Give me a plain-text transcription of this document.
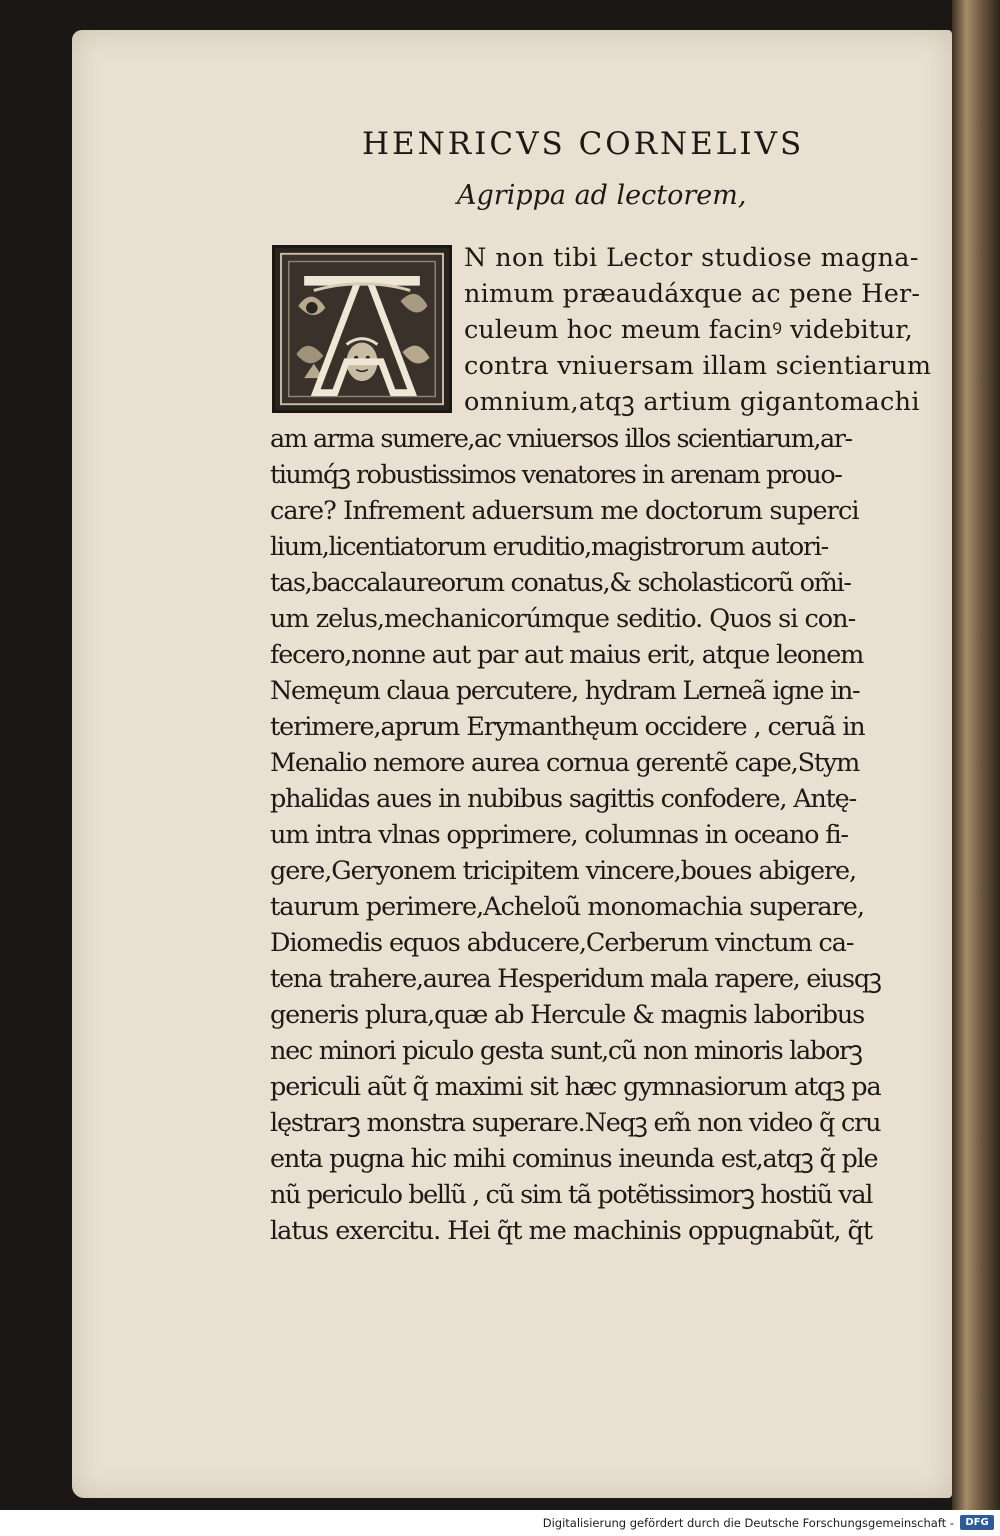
HENRICVS CORNELIVS
Agrippa ad lectorem,
N non tibi Lector studiose magna-
nimum præaudáxque ac pene Her-
culeum hoc meum facinꝰ videbitur,
contra vniuersam illam scientiarum
omnium,atqꝫ artium gigantomachi
am arma sumere,ac vniuersos illos scientiarum,ar-
tiumq́ꝫ robustissimos venatores in arenam prouo-
care? Infrement aduersum me doctorum superci
lium,licentiatorum eruditio,magistrorum autori-
tas,baccalaureorum conatus,& scholasticorũ om̃i-
um zelus,mechanicorúmque seditio. Quos si con-
fecero,nonne aut par aut maius erit, atque leonem
Nemęum claua percutere, hydram Lerneã igne in-
terimere,aprum Erymanthęum occidere , ceruã in
Menalio nemore aurea cornua gerentẽ cape,Stym
phalidas aues in nubibus sagittis confodere, Antę-
um intra vlnas opprimere, columnas in oceano fi-
gere,Geryonem tricipitem vincere,boues abigere,
taurum perimere,Acheloũ monomachia superare,
Diomedis equos abducere,Cerberum vinctum ca-
tena trahere,aurea Hesperidum mala rapere, eiusqꝫ
generis plura,quæ ab Hercule & magnis laboribus
nec minori piculo gesta sunt,cũ non minoris laborꝫ
periculi aũt q̃ maximi sit hæc gymnasiorum atqꝫ pa
lęstrarꝫ monstra superare.Neqꝫ em̃ non video q̃ cru
enta pugna hic mihi cominus ineunda est,atqꝫ q̃ ple
nũ periculo bellũ , cũ sim tã potẽtissimorꝫ hostiũ val
latus exercitu. Hei q̃t me machinis oppugnabũt, q̃t
Digitalisierung gefördert durch die Deutsche Forschungsgemeinschaft -	DFG
